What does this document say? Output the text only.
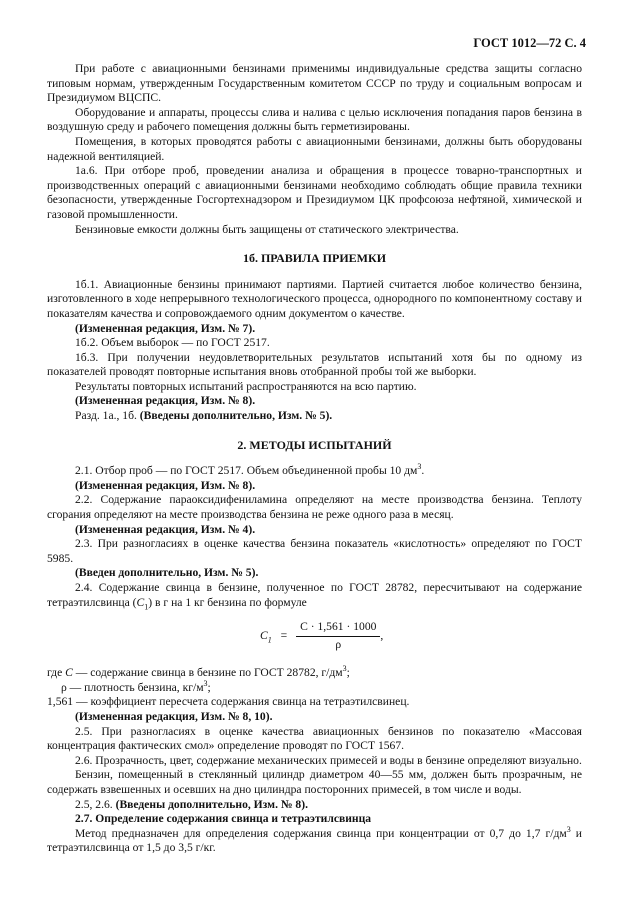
ГОСТ 1012—72 С. 4

При работе с авиационными бензинами применимы индивидуальные средства защиты согласно типовым нормам, утвержденным Государственным комитетом СССР по труду и социальным вопросам и Президиумом ВЦСПС.

Оборудование и аппараты, процессы слива и налива с целью исключения попадания паров бензина в воздушную среду и рабочего помещения должны быть герметизированы.

Помещения, в которых проводятся работы с авиационными бензинами, должны быть оборудованы надежной вентиляцией.

1а.6. При отборе проб, проведении анализа и обращения в процессе товарно-транспортных и производственных операций с авиационными бензинами необходимо соблюдать общие правила техники безопасности, утвержденные Госгортехнадзором и Президиумом ЦК профсоюза нефтяной, химической и газовой промышленности.

Бензиновые емкости должны быть защищены от статического электричества.

1б. ПРАВИЛА ПРИЕМКИ

1б.1. Авиационные бензины принимают партиями. Партией считается любое количество бензина, изготовленного в ходе непрерывного технологического процесса, однородного по компонентному составу и показателям качества и сопровождаемого одним документом о качестве.

(Измененная редакция, Изм. № 7).

1б.2. Объем выборок — по ГОСТ 2517.

1б.3. При получении неудовлетворительных результатов испытаний хотя бы по одному из показателей проводят повторные испытания вновь отобранной пробы той же выборки.

Результаты повторных испытаний распространяются на всю партию.

(Измененная редакция, Изм. № 8).

Разд. 1а., 1б. (Введены дополнительно, Изм. № 5).

2. МЕТОДЫ ИСПЫТАНИЙ

2.1. Отбор проб — по ГОСТ 2517. Объем объединенной пробы 10 $дм^3$.

(Измененная редакция, Изм. № 8).

2.2. Содержание параоксидифениламина определяют на месте производства бензина. Теплоту сгорания определяют на месте производства бензина не реже одного раза в месяц.

(Измененная редакция, Изм. № 4).

2.3. При разногласиях в оценке качества бензина показатель «кислотность» определяют по ГОСТ 5985.

(Введен дополнительно, Изм. № 5).

2.4. Содержание свинца в бензине, полученное по ГОСТ 28782, пересчитывают на содержание тетраэтилсвинца $(C_1)$ в г на 1 кг бензина по формуле

$C_1 = \frac{C \cdot 1,561 \cdot 1000}{\rho}$ ,

где C — содержание свинца в бензине по ГОСТ 28782, $г/дм^3$;

ρ — плотность бензина, $кг/м^3$;

1,561 — коэффициент пересчета содержания свинца на тетраэтилсвинец.

(Измененная редакция, Изм. № 8, 10).

2.5. При разногласиях в оценке качества авиационных бензинов по показателю «Массовая концентрация фактических смол» определение проводят по ГОСТ 1567.

2.6. Прозрачность, цвет, содержание механических примесей и воды в бензине определяют визуально.

Бензин, помещенный в стеклянный цилиндр диаметром 40—55 мм, должен быть прозрачным, не содержать взвешенных и осевших на дно цилиндра посторонних примесей, в том числе и воды.

2.5, 2.6. (Введены дополнительно, Изм. № 8).

2.7. Определение содержания свинца и тетраэтилсвинца

Метод предназначен для определения содержания свинца при концентрации от 0,7 до 1,7 $г/дм^3$ и тетраэтилсвинца от 1,5 до 3,5 г/кг.
